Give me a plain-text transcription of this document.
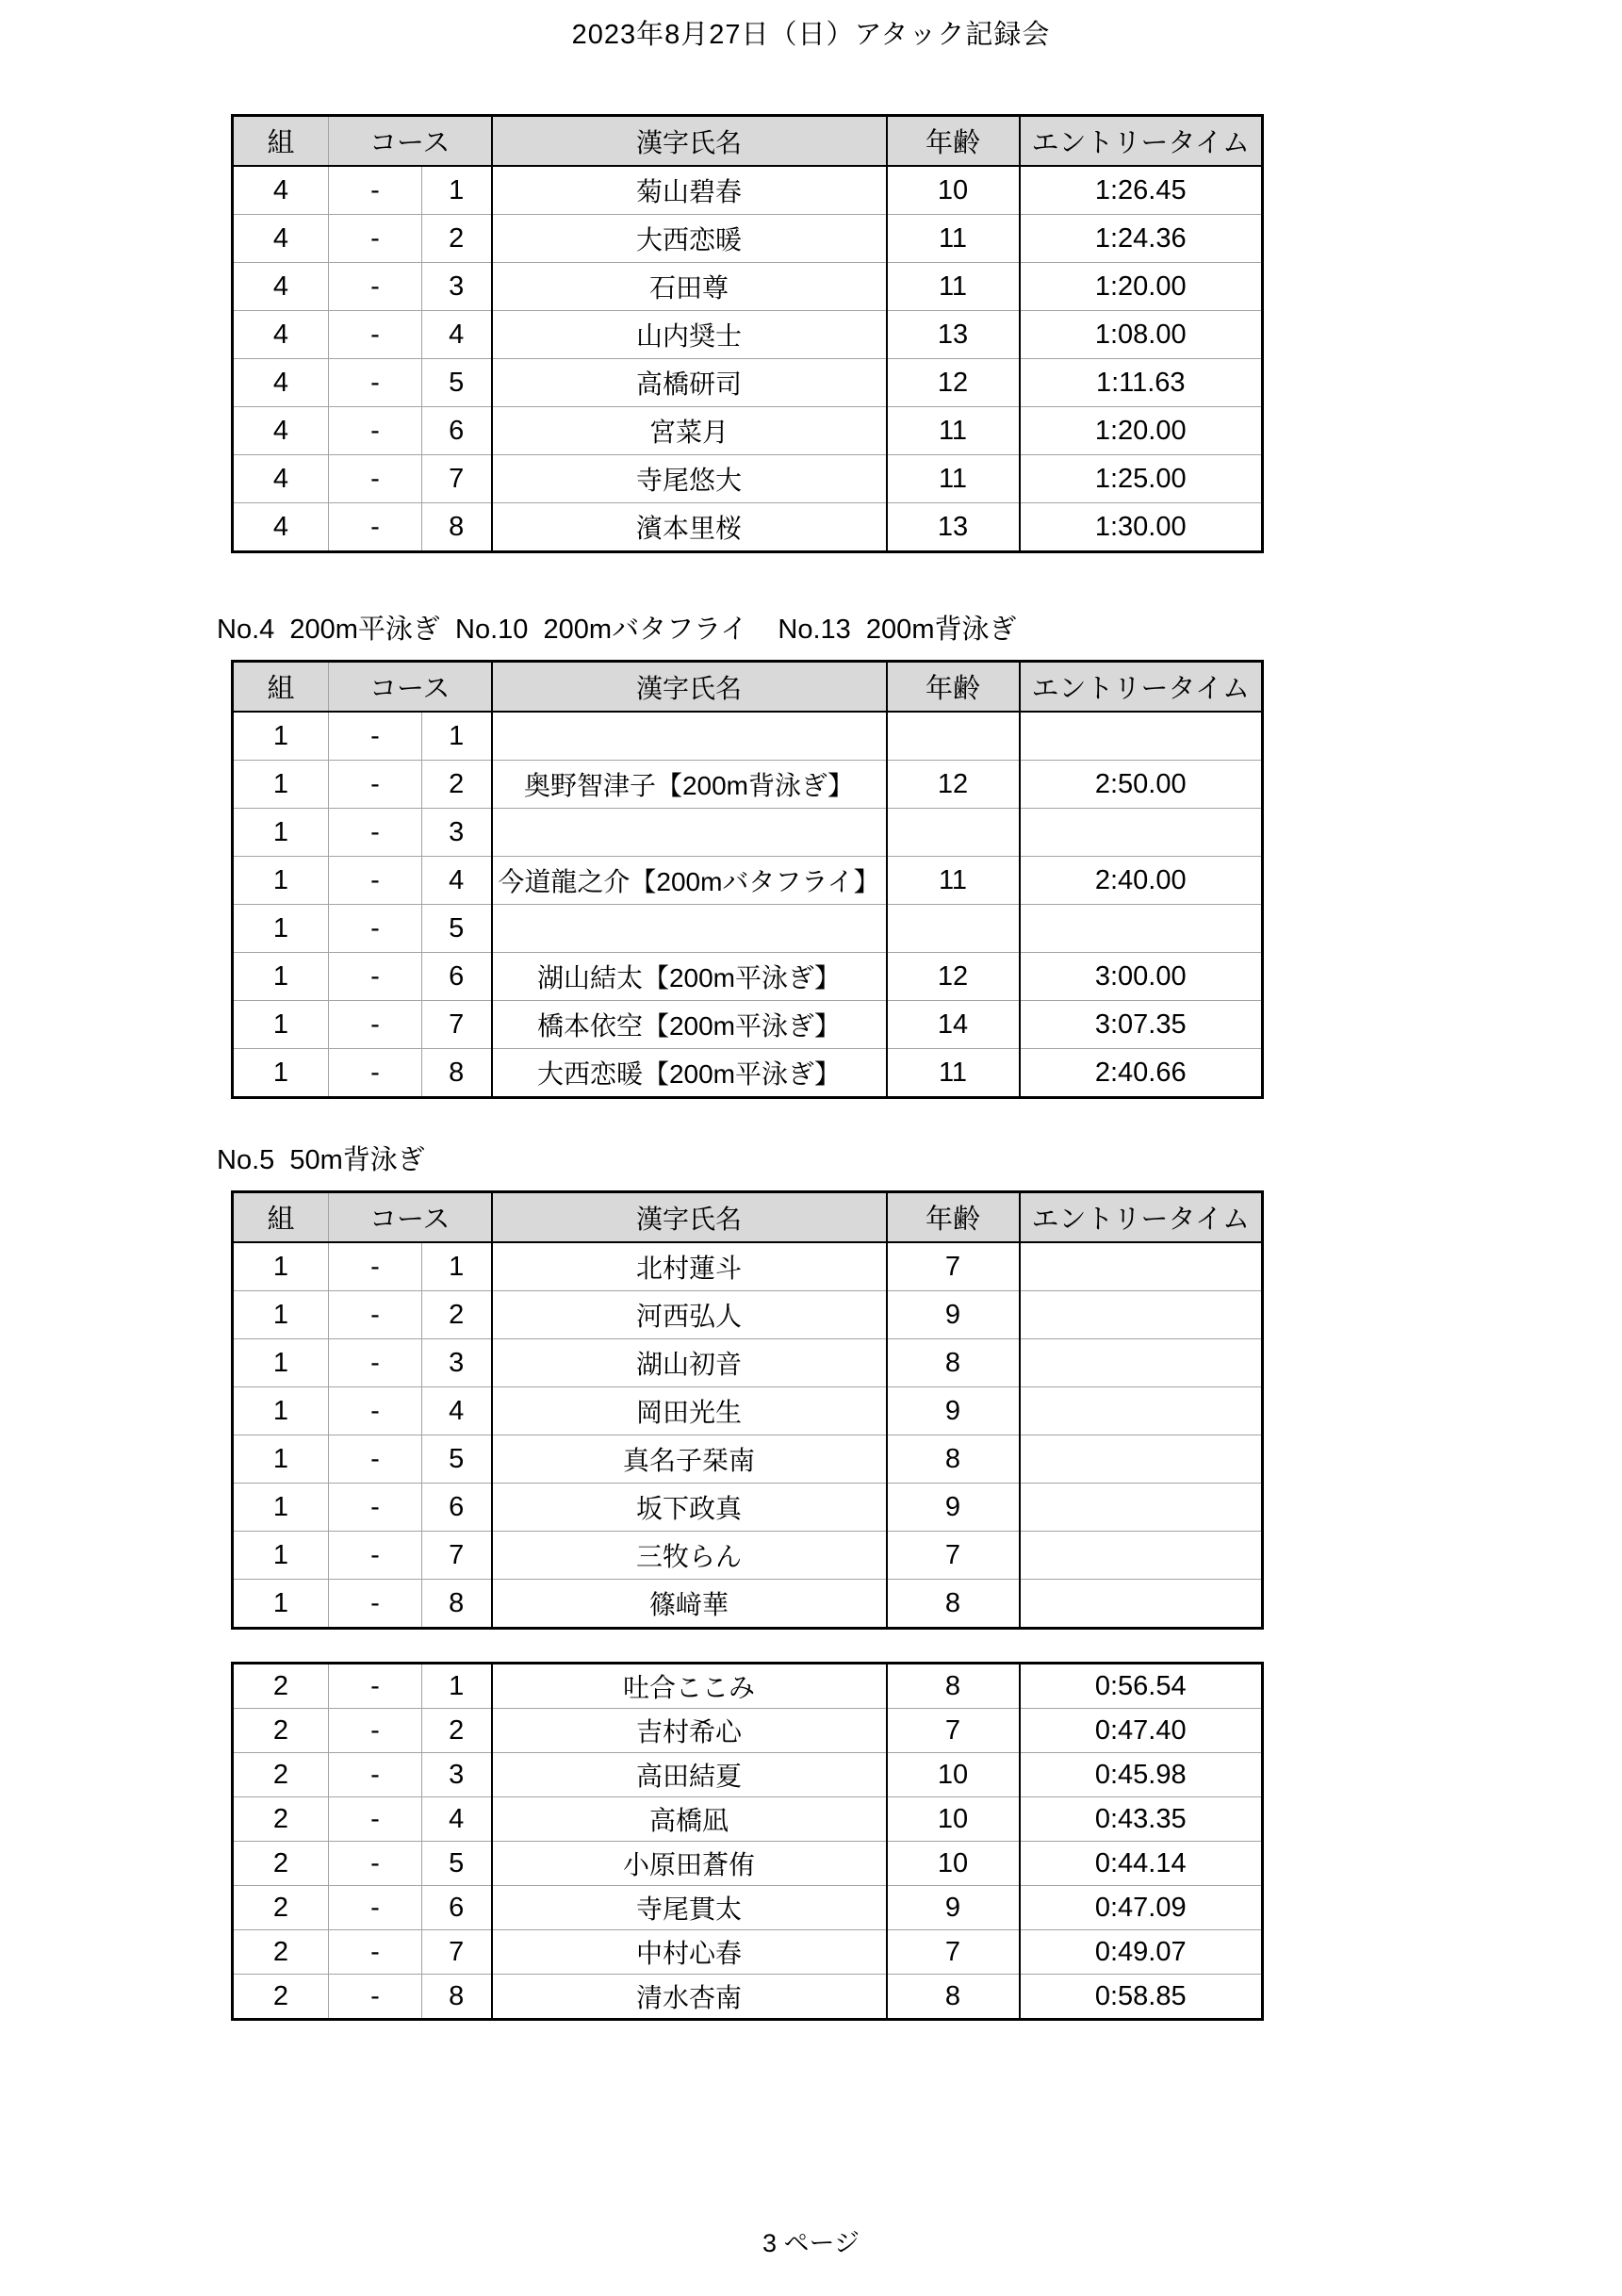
2023年8月27日（日）アタック記録会
組	コース		漢字氏名	年齢	エントリータイム
4	-	1	菊山碧春	10	1:26.45
4	-	2	大西恋暖	11	1:24.36
4	-	3	石田尊	11	1:20.00
4	-	4	山内奨士	13	1:08.00
4	-	5	高橋研司	12	1:11.63
4	-	6	宮菜月	11	1:20.00
4	-	7	寺尾悠大	11	1:25.00
4	-	8	濱本里桜	13	1:30.00
No.4  200m平泳ぎ  No.10  200mバタフライ    No.13  200m背泳ぎ
組	コース		漢字氏名	年齢	エントリータイム
1	-	1			
1	-	2	奥野智津子【200m背泳ぎ】	12	2:50.00
1	-	3			
1	-	4	今道龍之介【200mバタフライ】	11	2:40.00
1	-	5			
1	-	6	湖山結太【200m平泳ぎ】	12	3:00.00
1	-	7	橋本依空【200m平泳ぎ】	14	3:07.35
1	-	8	大西恋暖【200m平泳ぎ】	11	2:40.66
No.5  50m背泳ぎ
組	コース		漢字氏名	年齢	エントリータイム
1	-	1	北村蓮斗	7	
1	-	2	河西弘人	9	
1	-	3	湖山初音	8	
1	-	4	岡田光生	9	
1	-	5	真名子栞南	8	
1	-	6	坂下政真	9	
1	-	7	三牧らん	7	
1	-	8	篠﨑華	8	
2	-	1	吐合ここみ	8	0:56.54
2	-	2	吉村希心	7	0:47.40
2	-	3	高田結夏	10	0:45.98
2	-	4	高橋凪	10	0:43.35
2	-	5	小原田蒼侑	10	0:44.14
2	-	6	寺尾貫太	9	0:47.09
2	-	7	中村心春	7	0:49.07
2	-	8	清水杏南	8	0:58.85
3 ページ
